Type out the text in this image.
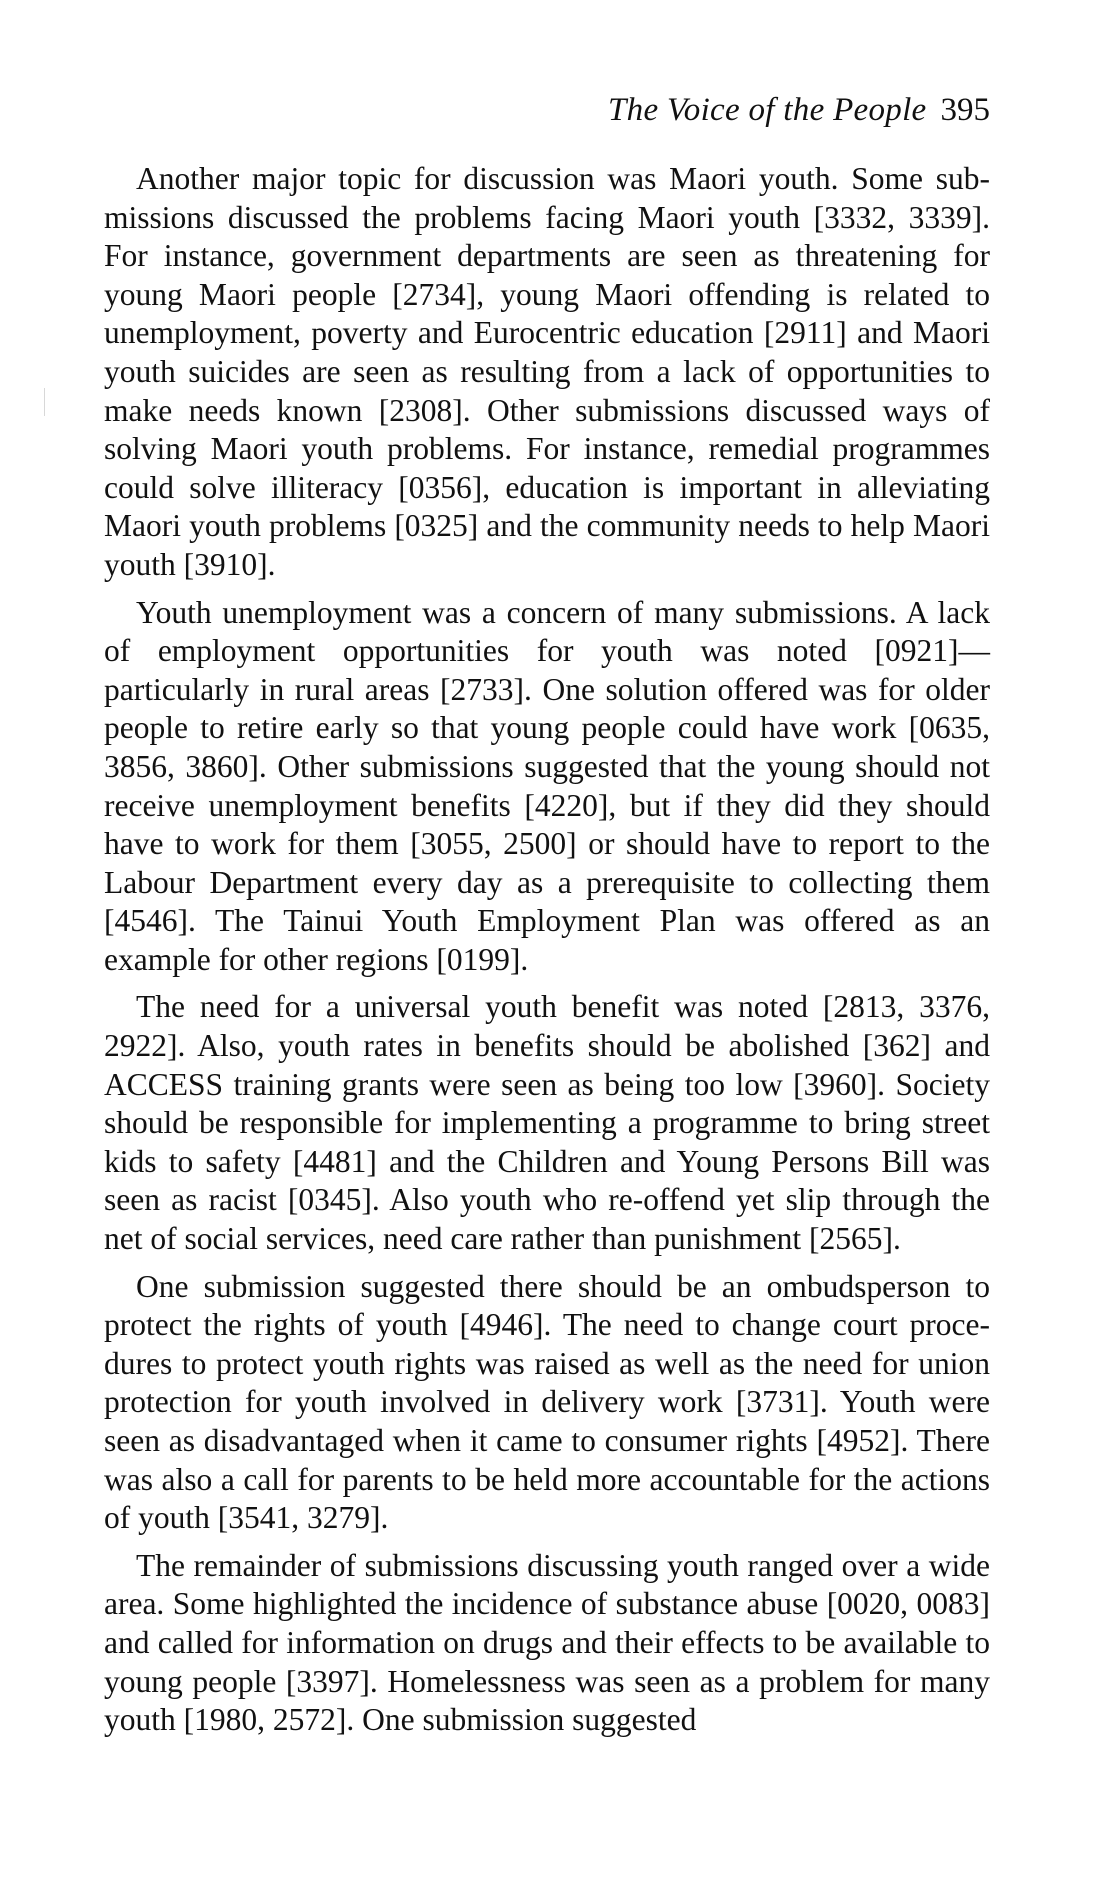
The Voice of the People 395

Another major topic for discussion was Maori youth. Some submissions discussed the problems facing Maori youth [3332, 3339]. For instance, government departments are seen as threatening for young Maori people [2734], young Maori offending is related to unemployment, poverty and Eurocentric education [2911] and Maori youth suicides are seen as resulting from a lack of opportunities to make needs known [2308]. Other submissions discussed ways of solving Maori youth problems. For instance, remedial programmes could solve illiteracy [0356], education is important in alleviating Maori youth problems [0325] and the community needs to help Maori youth [3910].

Youth unemployment was a concern of many submissions. A lack of employment opportunities for youth was noted [0921]—particularly in rural areas [2733]. One solution offered was for older people to retire early so that young people could have work [0635, 3856, 3860]. Other submissions suggested that the young should not receive unemployment benefits [4220], but if they did they should have to work for them [3055, 2500] or should have to report to the Labour Department every day as a prerequisite to collecting them [4546]. The Tainui Youth Employment Plan was offered as an example for other regions [0199].

The need for a universal youth benefit was noted [2813, 3376, 2922]. Also, youth rates in benefits should be abolished [362] and ACCESS training grants were seen as being too low [3960]. Society should be responsible for implementing a programme to bring street kids to safety [4481] and the Children and Young Persons Bill was seen as racist [0345]. Also youth who re-offend yet slip through the net of social services, need care rather than punishment [2565].

One submission suggested there should be an ombudsperson to protect the rights of youth [4946]. The need to change court procedures to protect youth rights was raised as well as the need for union protection for youth involved in delivery work [3731]. Youth were seen as disadvantaged when it came to consumer rights [4952]. There was also a call for parents to be held more accountable for the actions of youth [3541, 3279].

The remainder of submissions discussing youth ranged over a wide area. Some highlighted the incidence of substance abuse [0020, 0083] and called for information on drugs and their effects to be available to young people [3397]. Homelessness was seen as a problem for many youth [1980, 2572]. One submission suggested
